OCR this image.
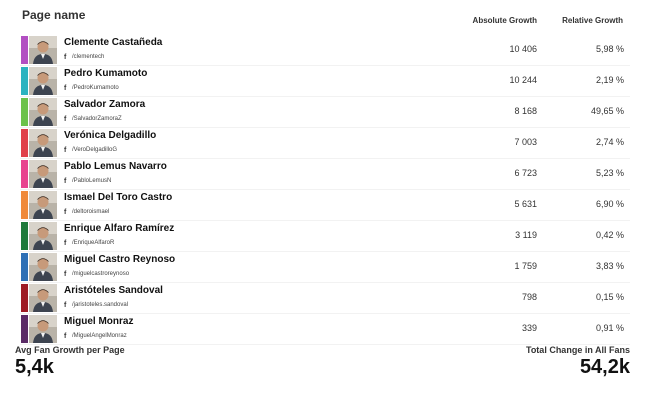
Page name	Absolute Growth	Relative Growth
Clemente Castañeda
f /clementech
10 406	5,98 %
Pedro Kumamoto
f /PedroKumamoto
10 244	2,19 %
Salvador Zamora
f /SalvadorZamoraZ
8 168	49,65 %
Verónica Delgadillo
f /VeroDelgadilloG
7 003	2,74 %
Pablo Lemus Navarro
f /PabloLemusN
6 723	5,23 %
Ismael Del Toro Castro
f /deltoroismael
5 631	6,90 %
Enrique Alfaro Ramírez
f /EnriqueAlfaroR
3 119	0,42 %
Miguel Castro Reynoso
f /miguelcastroreynoso
1 759	3,83 %
Aristóteles Sandoval
f /jaristoteles.sandoval
798	0,15 %
Miguel Monraz
f /MiguelAngelMonraz
339	0,91 %
Avg Fan Growth per Page
5,4k
Total Change in All Fans
54,2k
